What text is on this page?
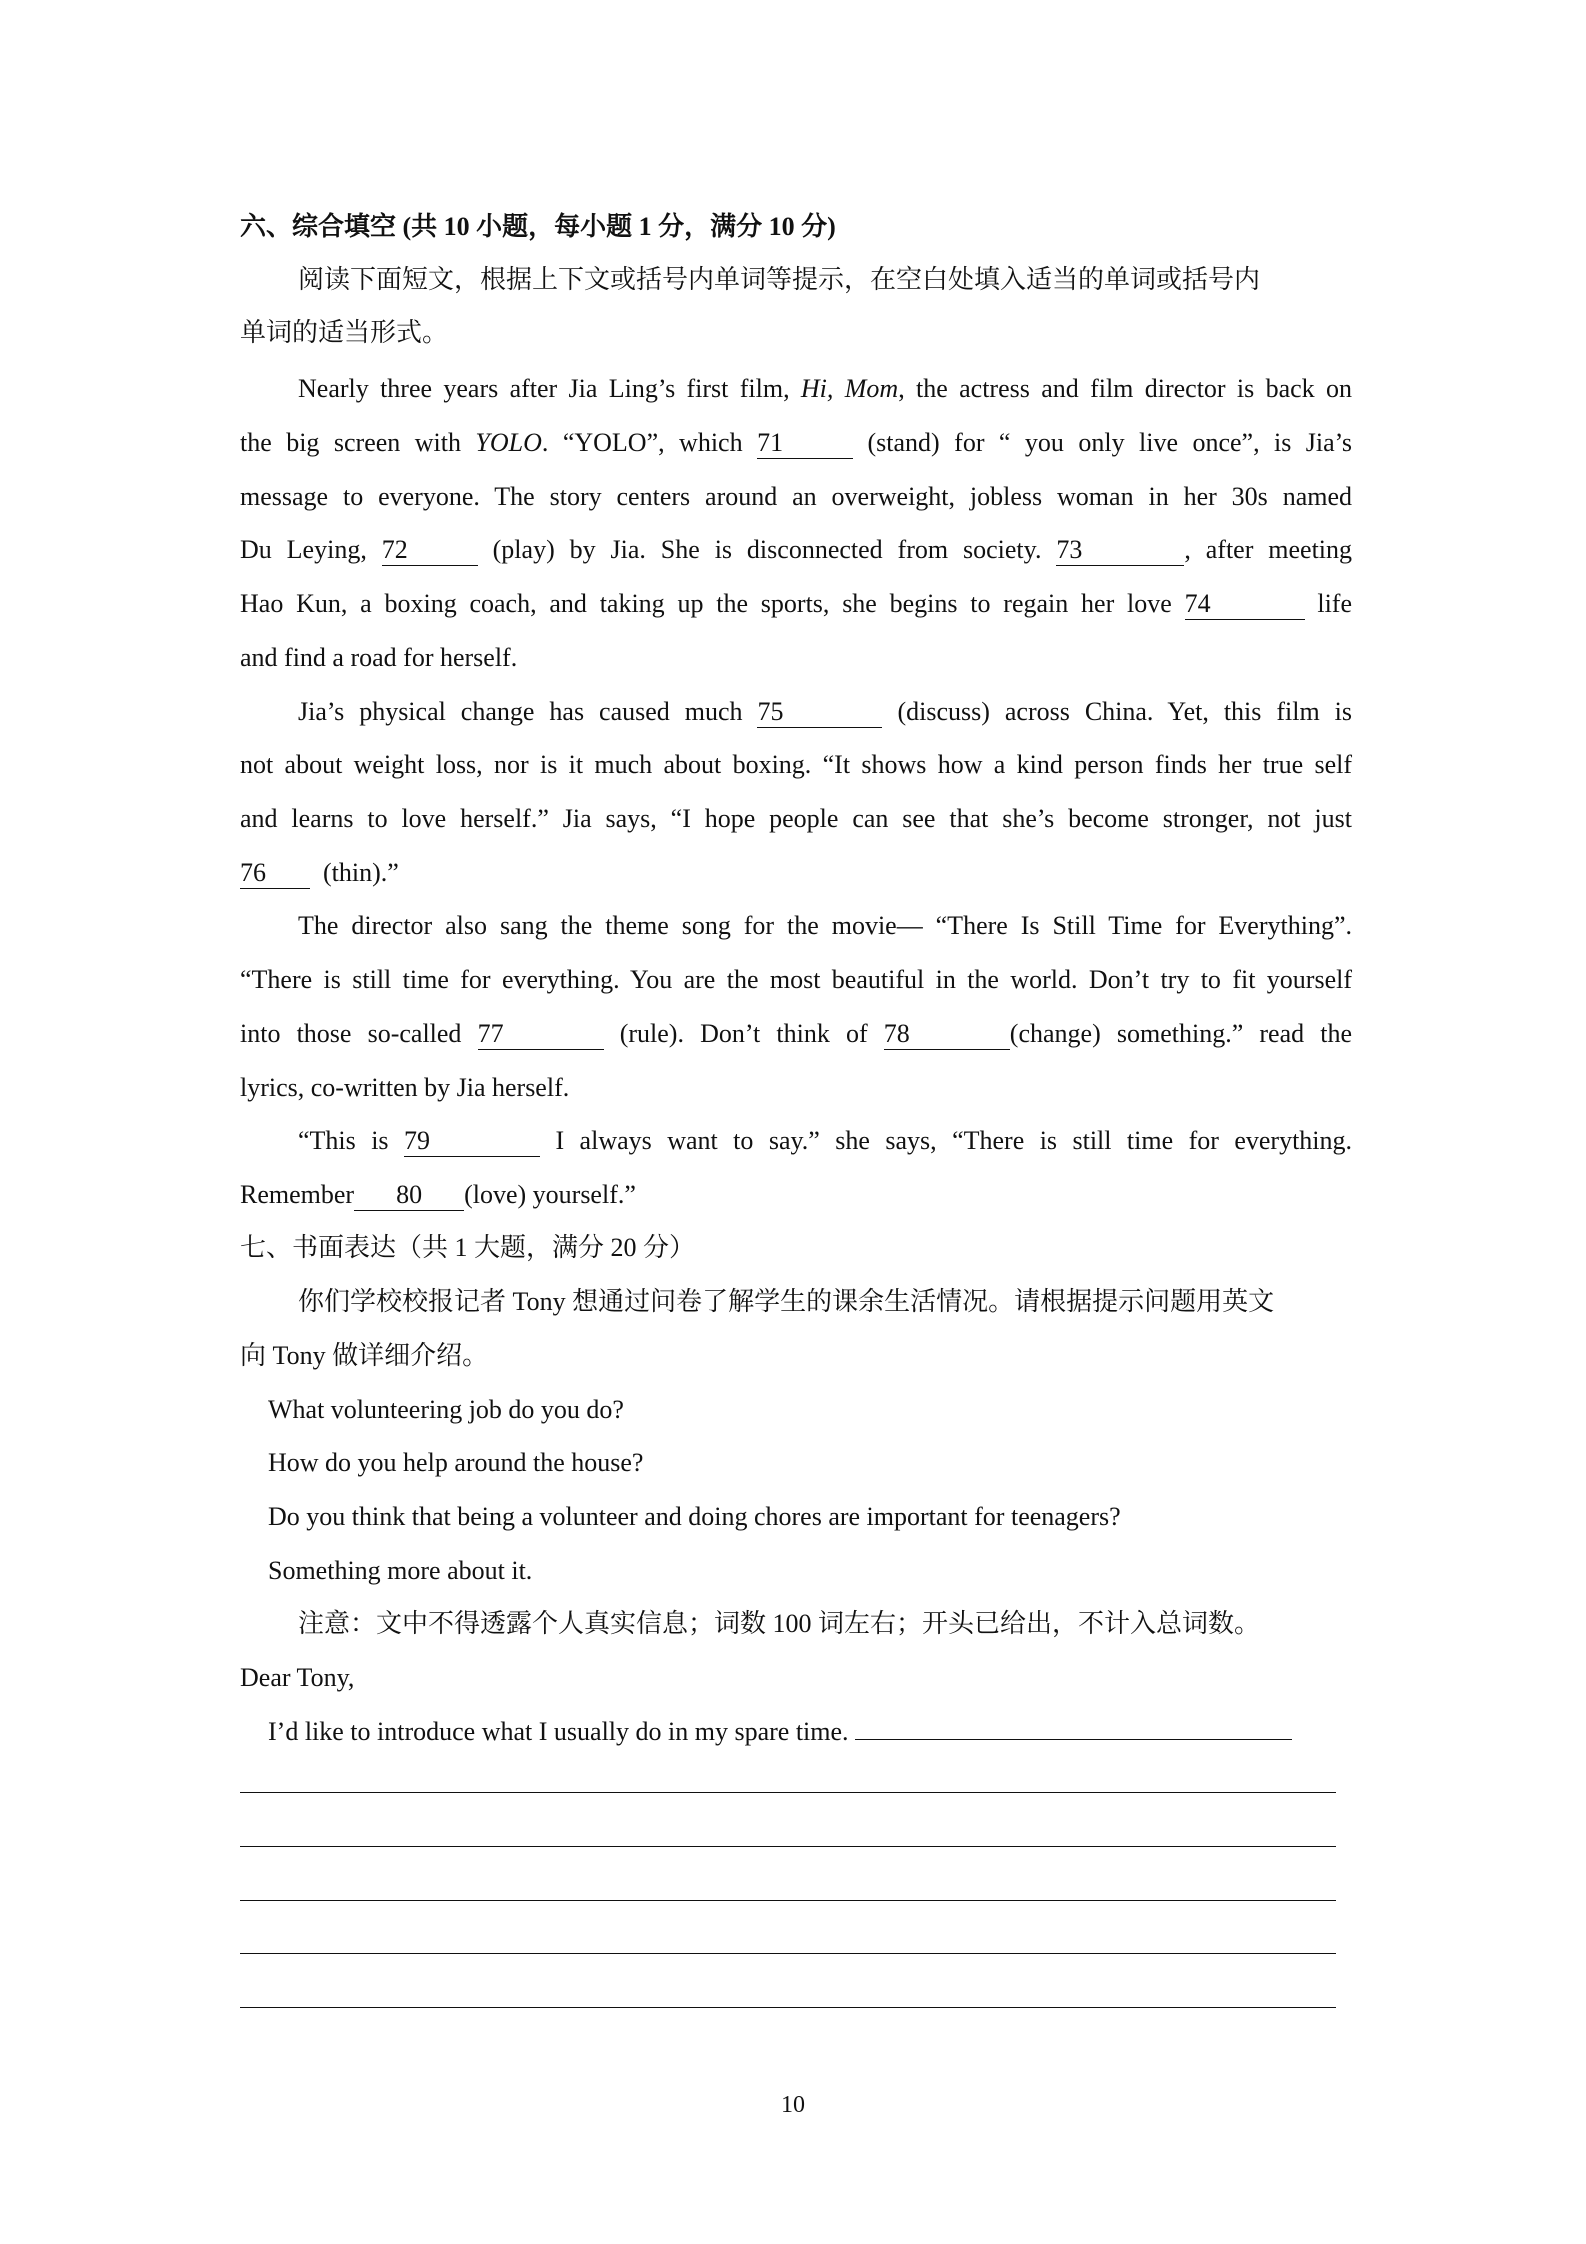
六、综合填空 (共 10 小题，每小题 1 分，满分 10 分)
阅读下面短文，根据上下文或括号内单词等提示，在空白处填入适当的单词或括号内
单词的适当形式。
Nearly three years after Jia Ling’s first film, Hi, Mom, the actress and film director is back on
the big screen with YOLO. “YOLO”, which 71	(stand) for “ you only live once”, is Jia’s
message to everyone. The story centers around an overweight, jobless woman in her 30s named
Du Leying, 72	(play) by Jia. She is disconnected from society. 73	, after meeting
Hao Kun, a boxing coach, and taking up the sports, she begins to regain her love 74	life
and find a road for herself.
Jia’s physical change has caused much 75	(discuss) across China. Yet, this film is
not about weight loss, nor is it much about boxing. “It shows how a kind person finds her true self
and learns to love herself.” Jia says, “I hope people can see that she’s become stronger, not just
76 (thin).”
The director also sang the theme song for the movie— “There Is Still Time for Everything”.
“There is still time for everything. You are the most beautiful in the world. Don’t try to fit yourself
into those so-called 77	(rule). Don’t think of 78	(change) something.” read the
lyrics, co-written by Jia herself.
“This is 79	I always want to say.” she says, “There is still time for everything.
Remember 80 (love) yourself.”
七、书面表达（共 1 大题，满分 20 分）
你们学校校报记者 Tony 想通过问卷了解学生的课余生活情况。请根据提示问题用英文
向 Tony 做详细介绍。
What volunteering job do you do?
How do you help around the house?
Do you think that being a volunteer and doing chores are important for teenagers?
Something more about it.
注意：文中不得透露个人真实信息；词数 100 词左右；开头已给出，不计入总词数。
Dear Tony,
I’d like to introduce what I usually do in my spare time.
10
